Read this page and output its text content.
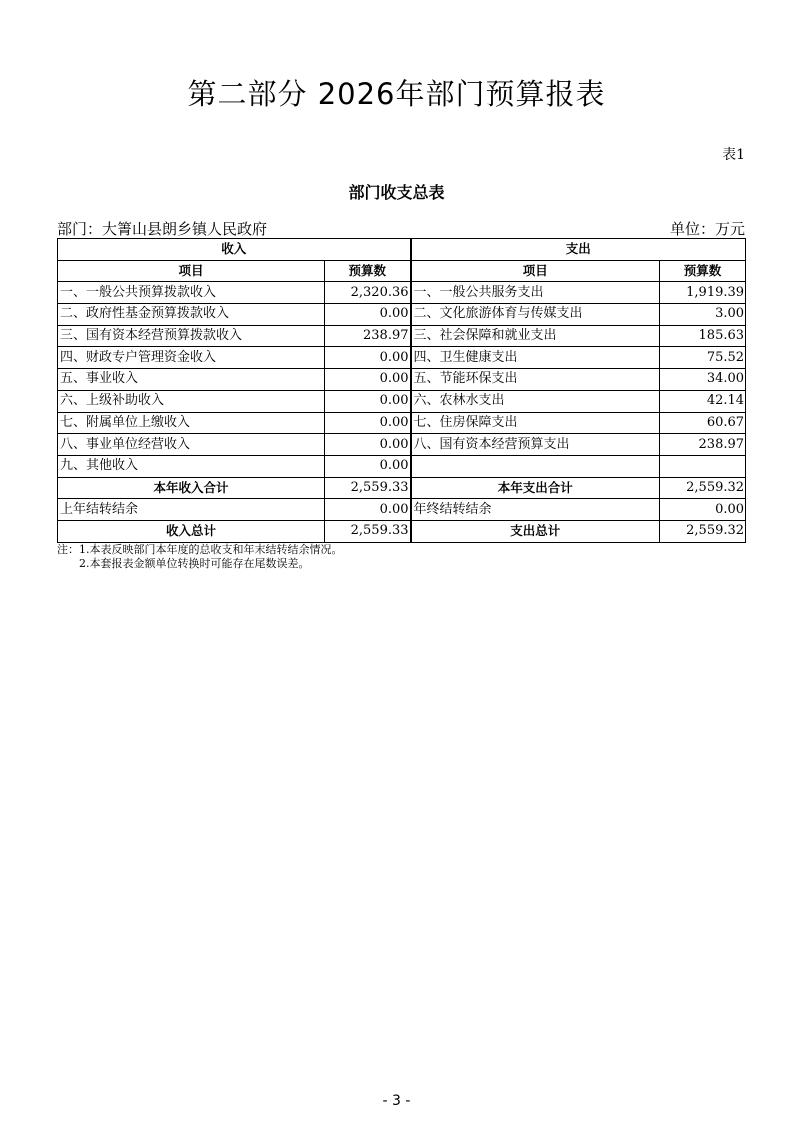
第二部分 2026年部门预算报表
表1
部门收支总表
部门：大箐山县朗乡镇人民政府	单位：万元
收入		支出	
项目	预算数	项目	预算数
一、一般公共预算拨款收入	2,320.36	一、一般公共服务支出	1,919.39
二、政府性基金预算拨款收入	0.00	二、文化旅游体育与传媒支出	3.00
三、国有资本经营预算拨款收入	238.97	三、社会保障和就业支出	185.63
四、财政专户管理资金收入	0.00	四、卫生健康支出	75.52
五、事业收入	0.00	五、节能环保支出	34.00
六、上级补助收入	0.00	六、农林水支出	42.14
七、附属单位上缴收入	0.00	七、住房保障支出	60.67
八、事业单位经营收入	0.00	八、国有资本经营预算支出	238.97
九、其他收入	0.00		
本年收入合计	2,559.33	本年支出合计	2,559.32
上年结转结余	0.00	年终结转结余	0.00
收入总计	2,559.33	支出总计	2,559.32
注：1.本表反映部门本年度的总收支和年末结转结余情况。
2.本套报表金额单位转换时可能存在尾数误差。
- 3 -
